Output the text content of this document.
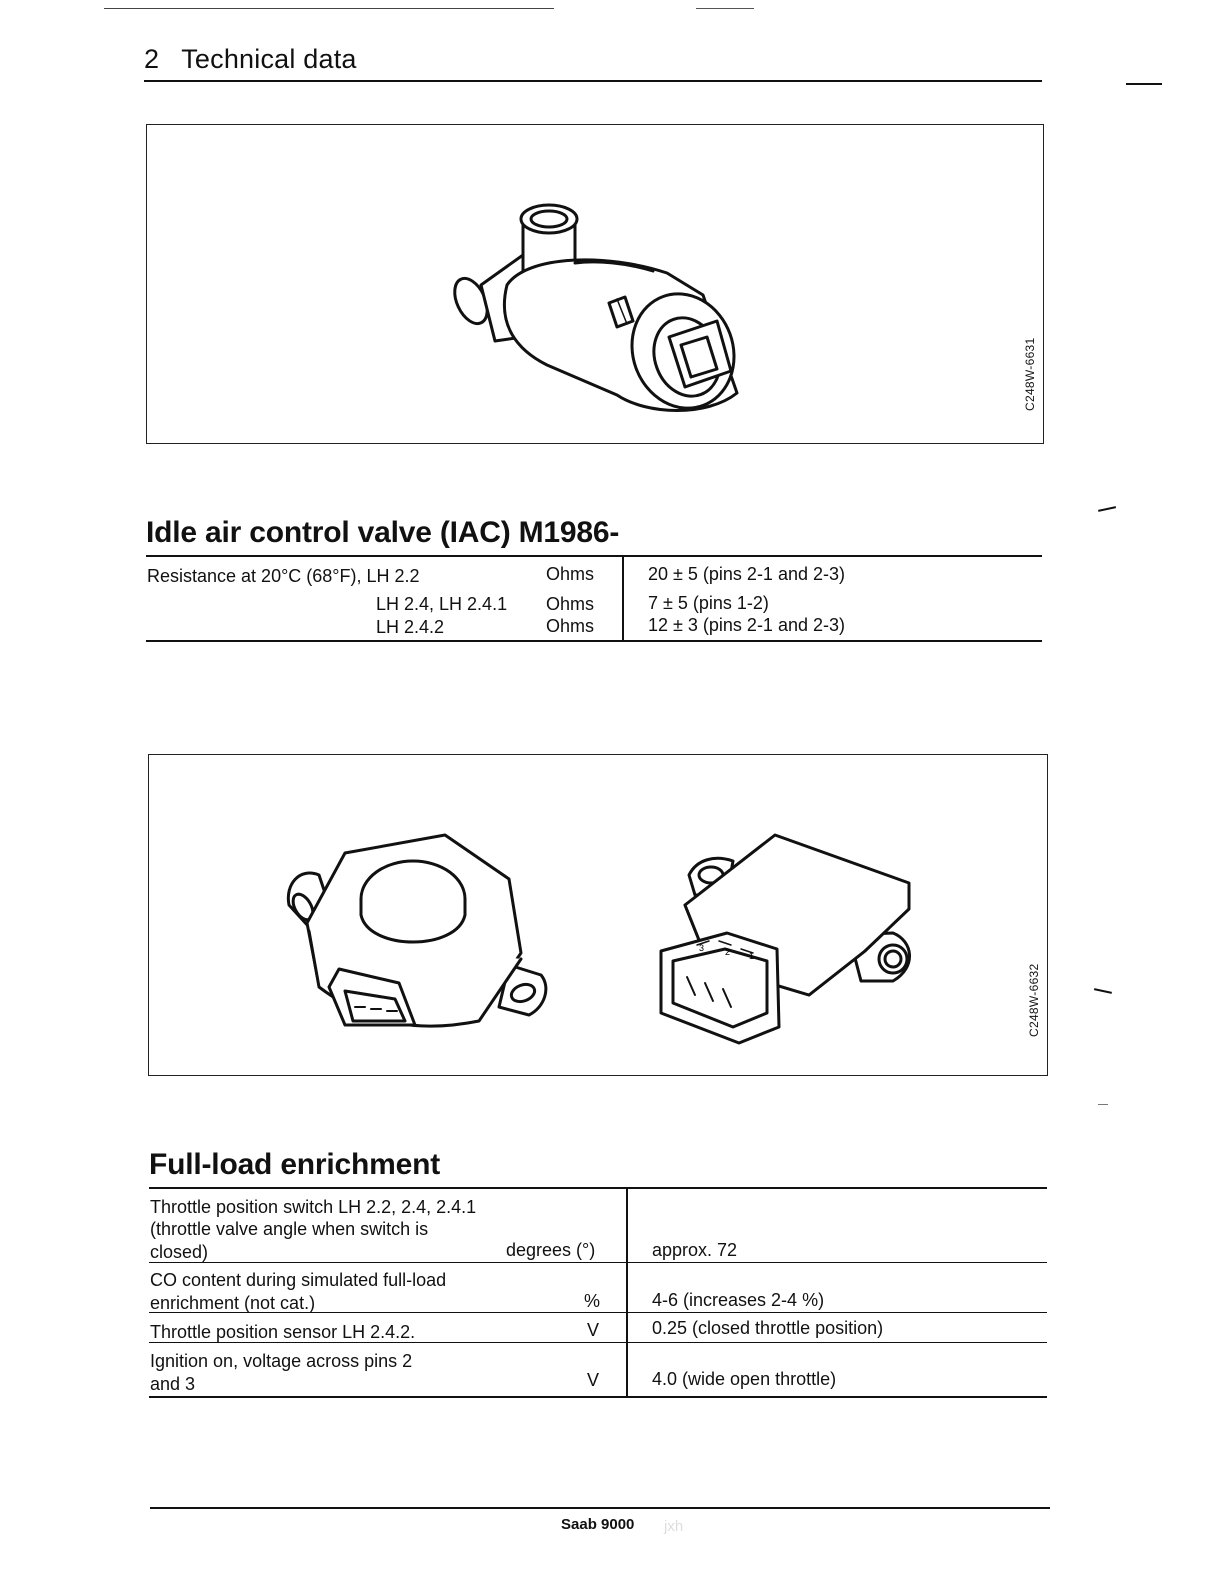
2 Technical data
C248W-6631
Idle air control valve (IAC) M1986-
Resistance at 20°C (68°F), LH 2.2	Ohms	20 ± 5 (pins 2-1 and 2-3)
LH 2.4, LH 2.4.1 Ohms	7 ± 5 (pins 1-2)
LH 2.4.2	Ohms	12 ± 3 (pins 2-1 and 2-3)
3 2 1
C248W-6632
Full-load enrichment
Throttle position switch LH 2.2, 2.4, 2.4.1
(throttle valve angle when switch is
closed)	degrees (°)	approx. 72
CO content during simulated full-load
enrichment (not cat.)	%	4-6 (increases 2-4 %)
Throttle position sensor LH 2.4.2.	V	0.25 (closed throttle position)
Ignition on, voltage across pins 2
and 3	V	4.0 (wide open throttle)
Saab 9000 jxh
